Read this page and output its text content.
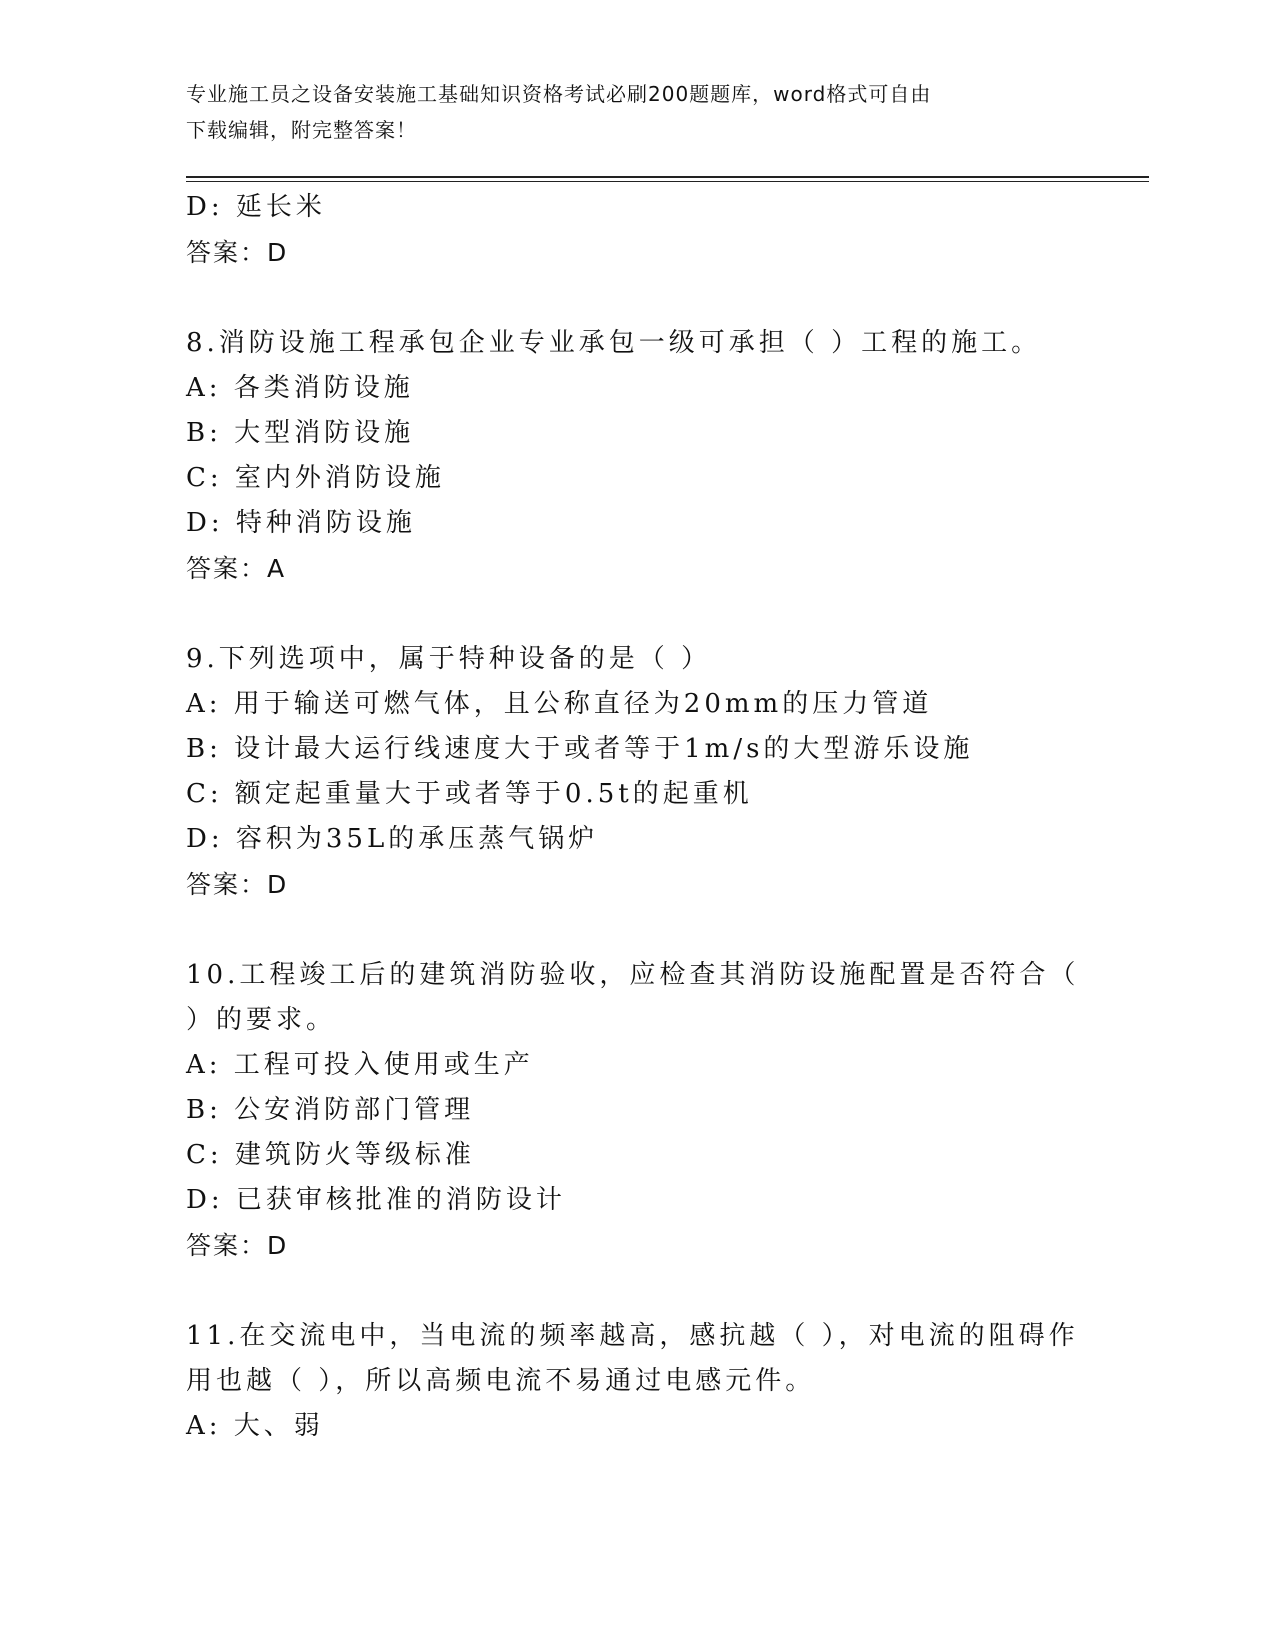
专业施工员之设备安装施工基础知识资格考试必刷200题题库，word格式可自由
下载编辑，附完整答案！
D: 延长米
答案：D
8.消防设施工程承包企业专业承包一级可承担（ ）工程的施工。
A: 各类消防设施
B: 大型消防设施
C: 室内外消防设施
D: 特种消防设施
答案：A
9.下列选项中，属于特种设备的是（ ）
A: 用于输送可燃气体，且公称直径为20mm的压力管道
B: 设计最大运行线速度大于或者等于1m/s的大型游乐设施
C: 额定起重量大于或者等于0.5t的起重机
D: 容积为35L的承压蒸气锅炉
答案：D
10.工程竣工后的建筑消防验收，应检查其消防设施配置是否符合（
）的要求。
A: 工程可投入使用或生产
B: 公安消防部门管理
C: 建筑防火等级标准
D: 已获审核批准的消防设计
答案：D
11.在交流电中，当电流的频率越高，感抗越（ ），对电流的阻碍作
用也越（ ），所以高频电流不易通过电感元件。
A: 大、弱
